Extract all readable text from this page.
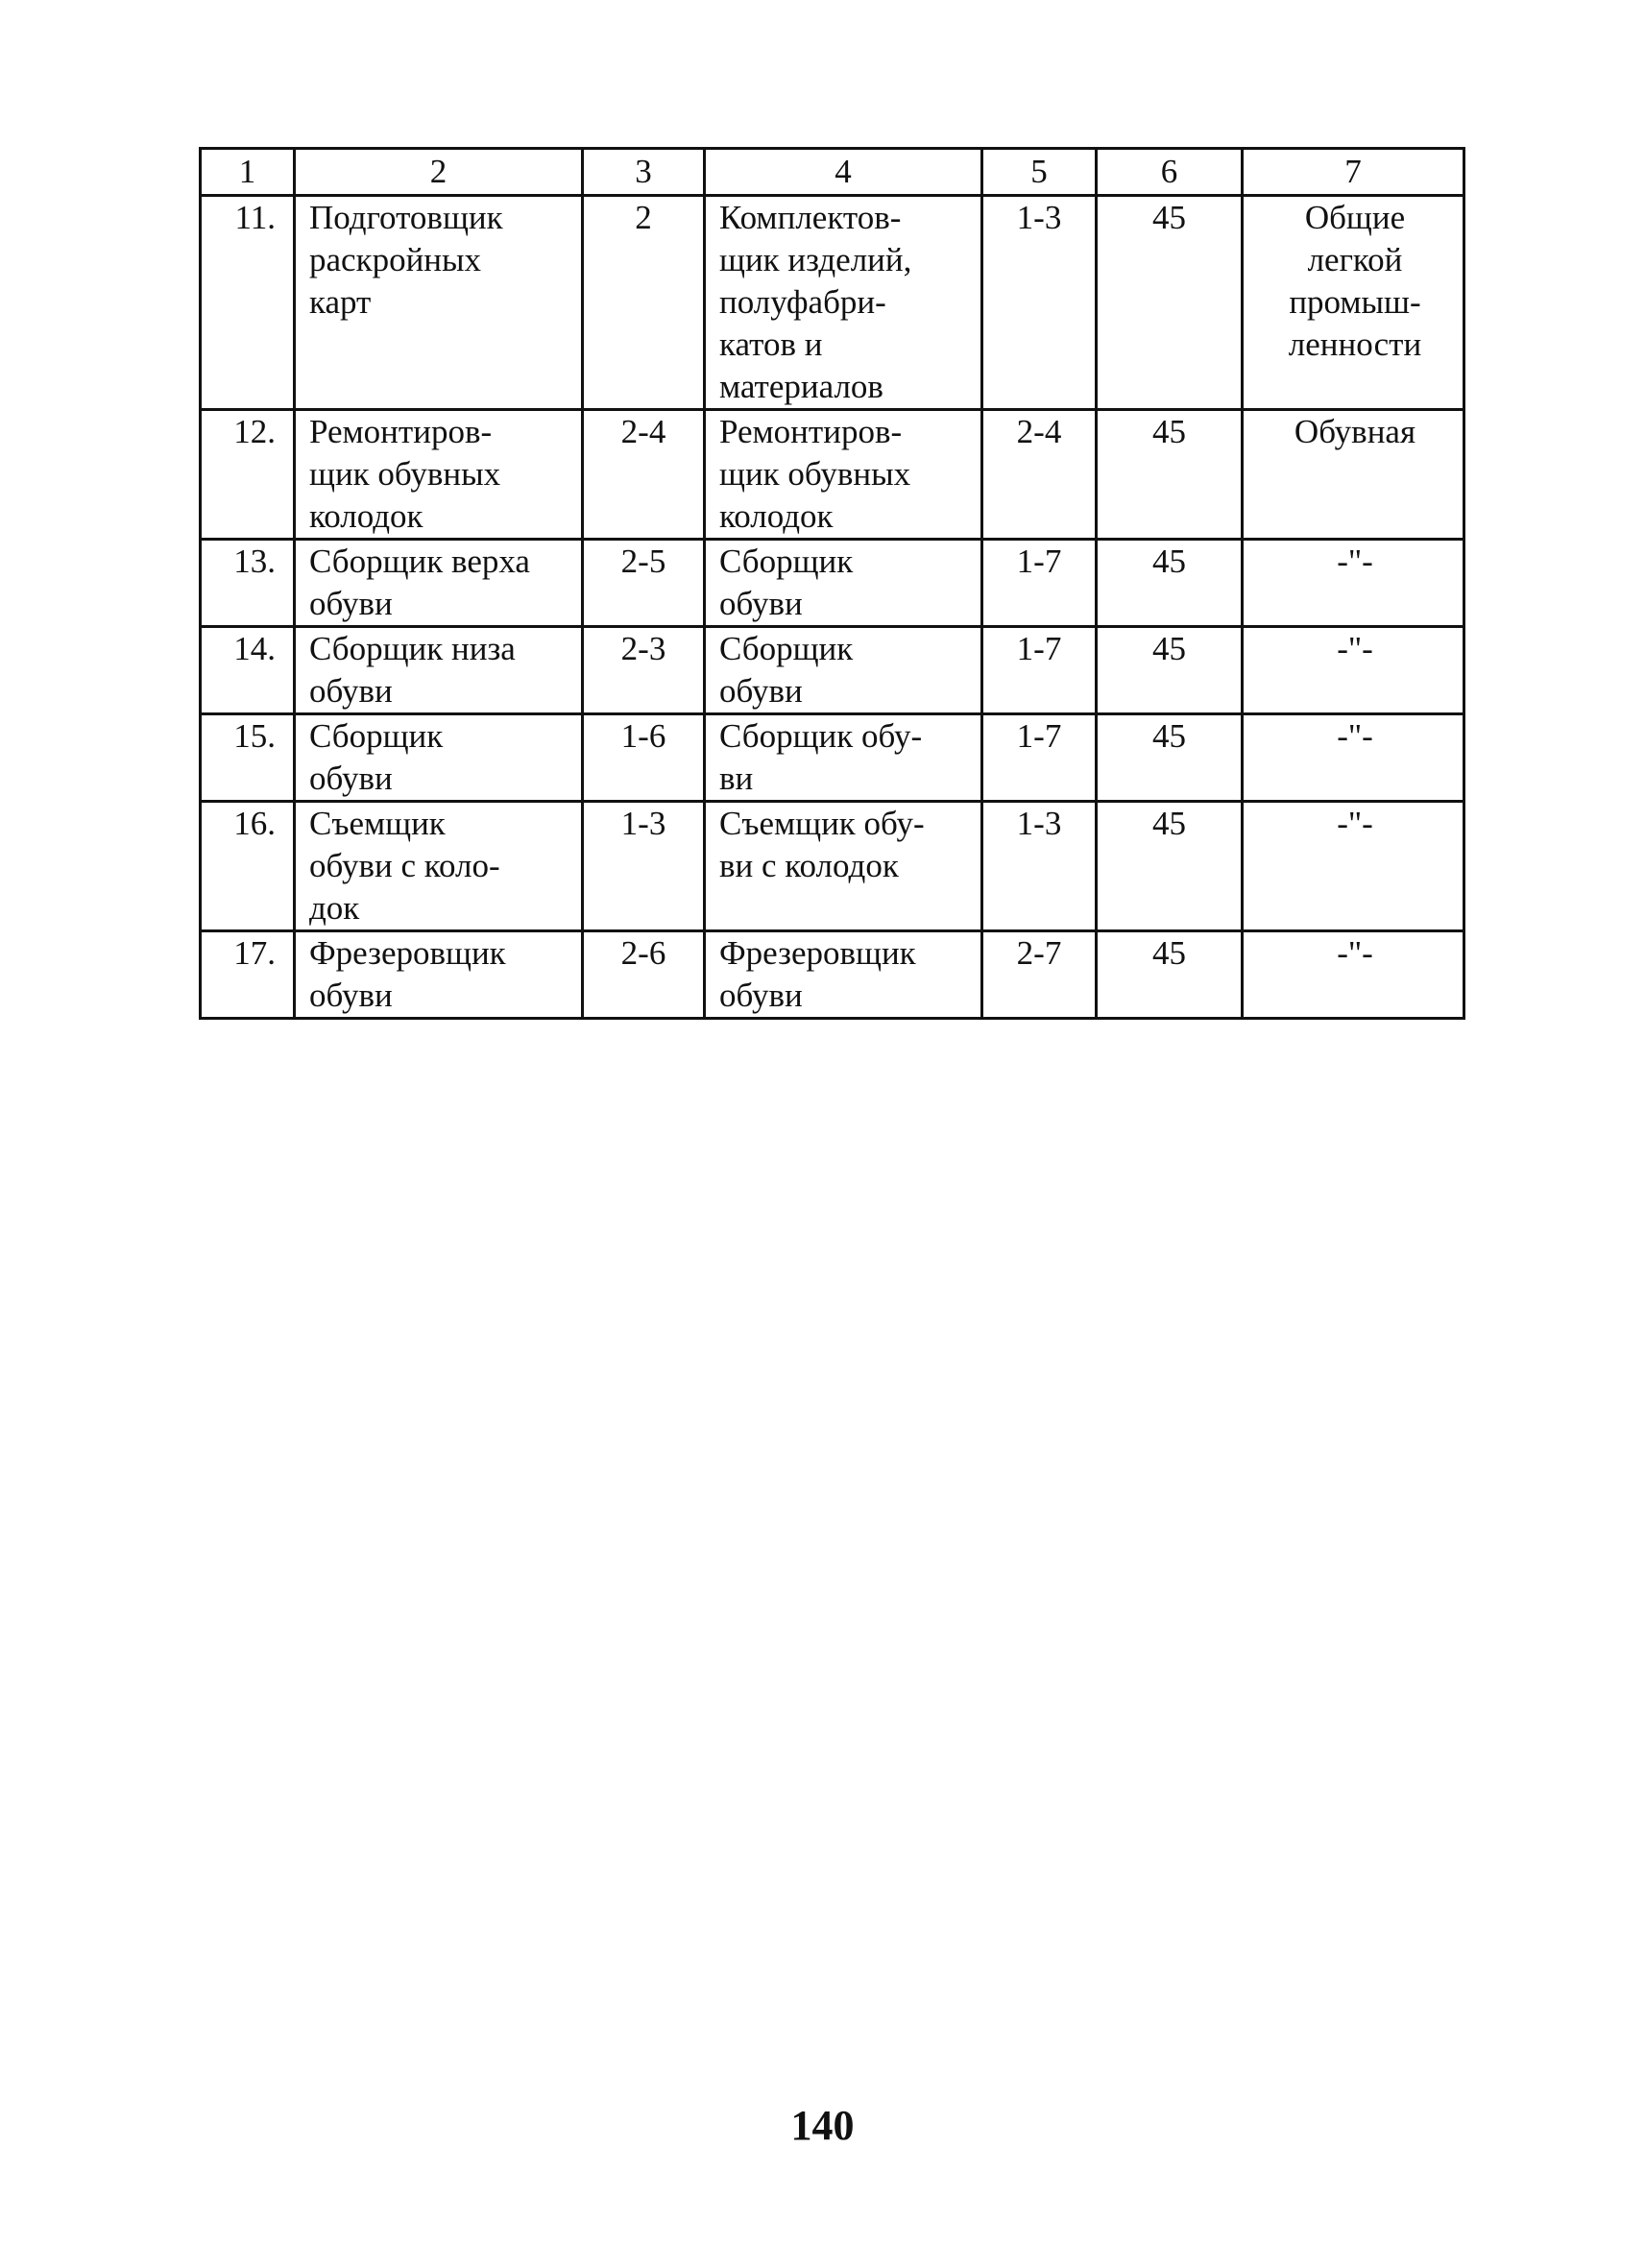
1	2	3	4	5	6	7
11.	Подготовщик
раскройных
карт	2	Комплектов-
щик изделий,
полуфабри-
катов и
материалов	1-3	45	Общие
легкой
промыш-
ленности

12.	Ремонтиров-
щик обувных
колодок	2-4	Ремонтиров-
щик обувных
колодок	2-4	45	Обувная

13.	Сборщик верха
обуви	2-5	Сборщик
обуви	1-7	45	-"-

14.	Сборщик низа
обуви	2-3	Сборщик
обуви	1-7	45	-"-

15.	Сборщик
обуви	1-6	Сборщик обу-
ви	1-7	45	-"-

16.	Съемщик
обуви с коло-
док	1-3	Съемщик обу-
ви с колодок	1-3	45	-"-

17.	Фрезеровщик
обуви	2-6	Фрезеровщик
обуви	2-7	45	-"-
140
